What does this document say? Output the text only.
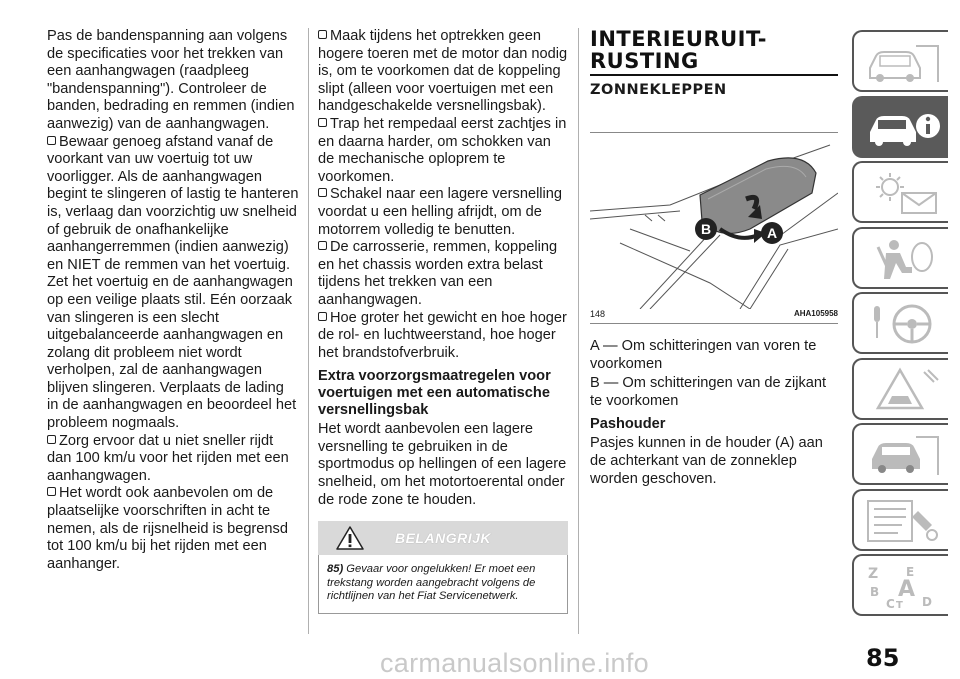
Pas de bandenspanning aan volgens de specificaties voor het trekken van een aanhangwagen (raadpleeg "bandenspanning"). Controleer de banden, bedrading en remmen (indien aanwezig) van de aanhangwagen.

Bewaar genoeg afstand vanaf de voorkant van uw voertuig tot uw voorligger. Als de aanhangwagen begint te slingeren of lastig te hanteren is, verlaag dan voorzichtig uw snelheid of gebruik de onafhankelijke aanhangerremmen (indien aanwezig) en NIET de remmen van het voertuig. Zet het voertuig en de aanhangwagen op een veilige plaats stil. Eén oorzaak van slingeren is een slecht uitgebalanceerde aanhangwagen en zolang dit probleem niet wordt verholpen, zal de aanhangwagen blijven slingeren. Verplaats de lading in de aanhangwagen en beoordeel het probleem nogmaals.

Zorg ervoor dat u niet sneller rijdt dan 100 km/u voor het rijden met een aanhangwagen.

Het wordt ook aanbevolen om de plaatselijke voorschriften in acht te nemen, als de rijsnelheid is begrensd tot 100 km/u bij het rijden met een aanhanger.

Maak tijdens het optrekken geen hogere toeren met de motor dan nodig is, om te voorkomen dat de koppeling slipt (alleen voor voertuigen met een handgeschakelde versnellingsbak).

Trap het rempedaal eerst zachtjes in en daarna harder, om schokken van de mechanische oploprem te voorkomen.

Schakel naar een lagere versnelling voordat u een helling afrijdt, om de motorrem volledig te benutten.

De carrosserie, remmen, koppeling en het chassis worden extra belast tijdens het trekken van een aanhangwagen.

Hoe groter het gewicht en hoe hoger de rol- en luchtweerstand, hoe hoger het brandstofverbruik.

Extra voorzorgsmaatregelen voor voertuigen met een automatische versnellingsbak

Het wordt aanbevolen een lagere versnelling te gebruiken in de sportmodus op hellingen of een lagere snelheid, om het motortoerental onder de rode zone te houden.

BELANGRIJK
85) Gevaar voor ongelukken! Er moet een trekstang worden aangebracht volgens de richtlijnen van het Fiat Servicenetwerk.
INTERIEURUIT-
RUSTING
ZONNEKLEPPEN
B	A
148	AHA105958

A — Om schitteringen van voren te voorkomen

B — Om schitteringen van de zijkant te voorkomen

Pashouder

Pasjes kunnen in de houder (A) aan de achterkant van de zonneklep worden geschoven.

Z E
B
C D
T
A
85
carmanualsonline.info
